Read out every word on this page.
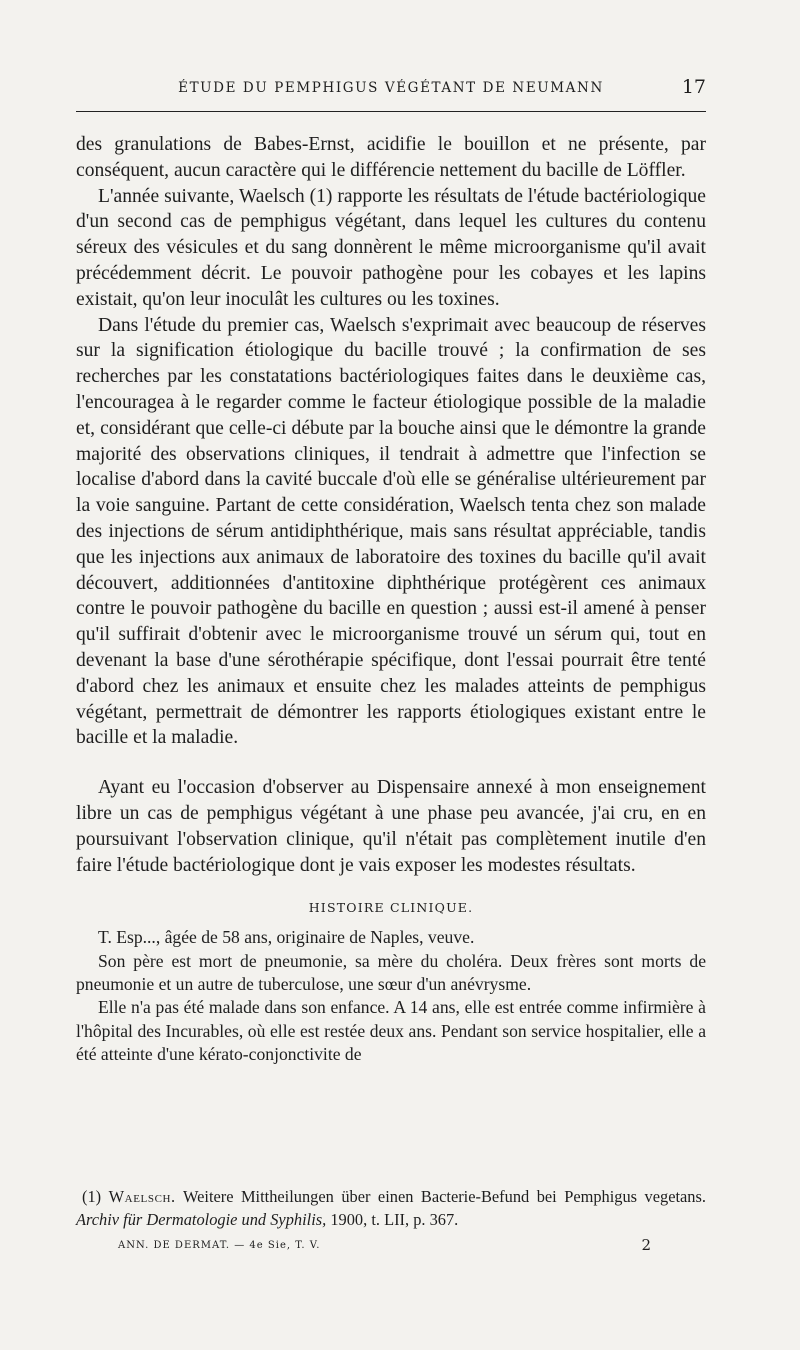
ÉTUDE DU PEMPHIGUS VÉGÉTANT DE NEUMANN	17

des granulations de Babes-Ernst, acidifie le bouillon et ne présente, par conséquent, aucun caractère qui le différencie nettement du bacille de Löffler.

L'année suivante, Waelsch (1) rapporte les résultats de l'étude bactériologique d'un second cas de pemphigus végétant, dans lequel les cultures du contenu séreux des vésicules et du sang donnèrent le même microorganisme qu'il avait précédemment décrit. Le pouvoir pathogène pour les cobayes et les lapins existait, qu'on leur inoculât les cultures ou les toxines.

Dans l'étude du premier cas, Waelsch s'exprimait avec beaucoup de réserves sur la signification étiologique du bacille trouvé ; la confirmation de ses recherches par les constatations bactériologiques faites dans le deuxième cas, l'encouragea à le regarder comme le facteur étiologique possible de la maladie et, considérant que celle-ci débute par la bouche ainsi que le démontre la grande majorité des observations cliniques, il tendrait à admettre que l'infection se localise d'abord dans la cavité buccale d'où elle se généralise ultérieurement par la voie sanguine. Partant de cette considération, Waelsch tenta chez son malade des injections de sérum antidiphthérique, mais sans résultat appréciable, tandis que les injections aux animaux de laboratoire des toxines du bacille qu'il avait découvert, additionnées d'antitoxine diphthérique protégèrent ces animaux contre le pouvoir pathogène du bacille en question ; aussi est-il amené à penser qu'il suffirait d'obtenir avec le microorganisme trouvé un sérum qui, tout en devenant la base d'une sérothérapie spécifique, dont l'essai pourrait être tenté d'abord chez les animaux et ensuite chez les malades atteints de pemphigus végétant, permettrait de démontrer les rapports étiologiques existant entre le bacille et la maladie.

Ayant eu l'occasion d'observer au Dispensaire annexé à mon enseignement libre un cas de pemphigus végétant à une phase peu avancée, j'ai cru, en en poursuivant l'observation clinique, qu'il n'était pas complètement inutile d'en faire l'étude bactériologique dont je vais exposer les modestes résultats.

HISTOIRE CLINIQUE.

T. Esp..., âgée de 58 ans, originaire de Naples, veuve.

Son père est mort de pneumonie, sa mère du choléra. Deux frères sont morts de pneumonie et un autre de tuberculose, une sœur d'un anévrysme.

Elle n'a pas été malade dans son enfance. A 14 ans, elle est entrée comme infirmière à l'hôpital des Incurables, où elle est restée deux ans. Pendant son service hospitalier, elle a été atteinte d'une kérato-conjonctivite de

(1) Waelsch. Weitere Mittheilungen über einen Bacterie-Befund bei Pemphigus vegetans. Archiv für Dermatologie und Syphilis, 1900, t. LII, p. 367.

ANN. DE DERMAT. — 4e Sie, T. V.	2
